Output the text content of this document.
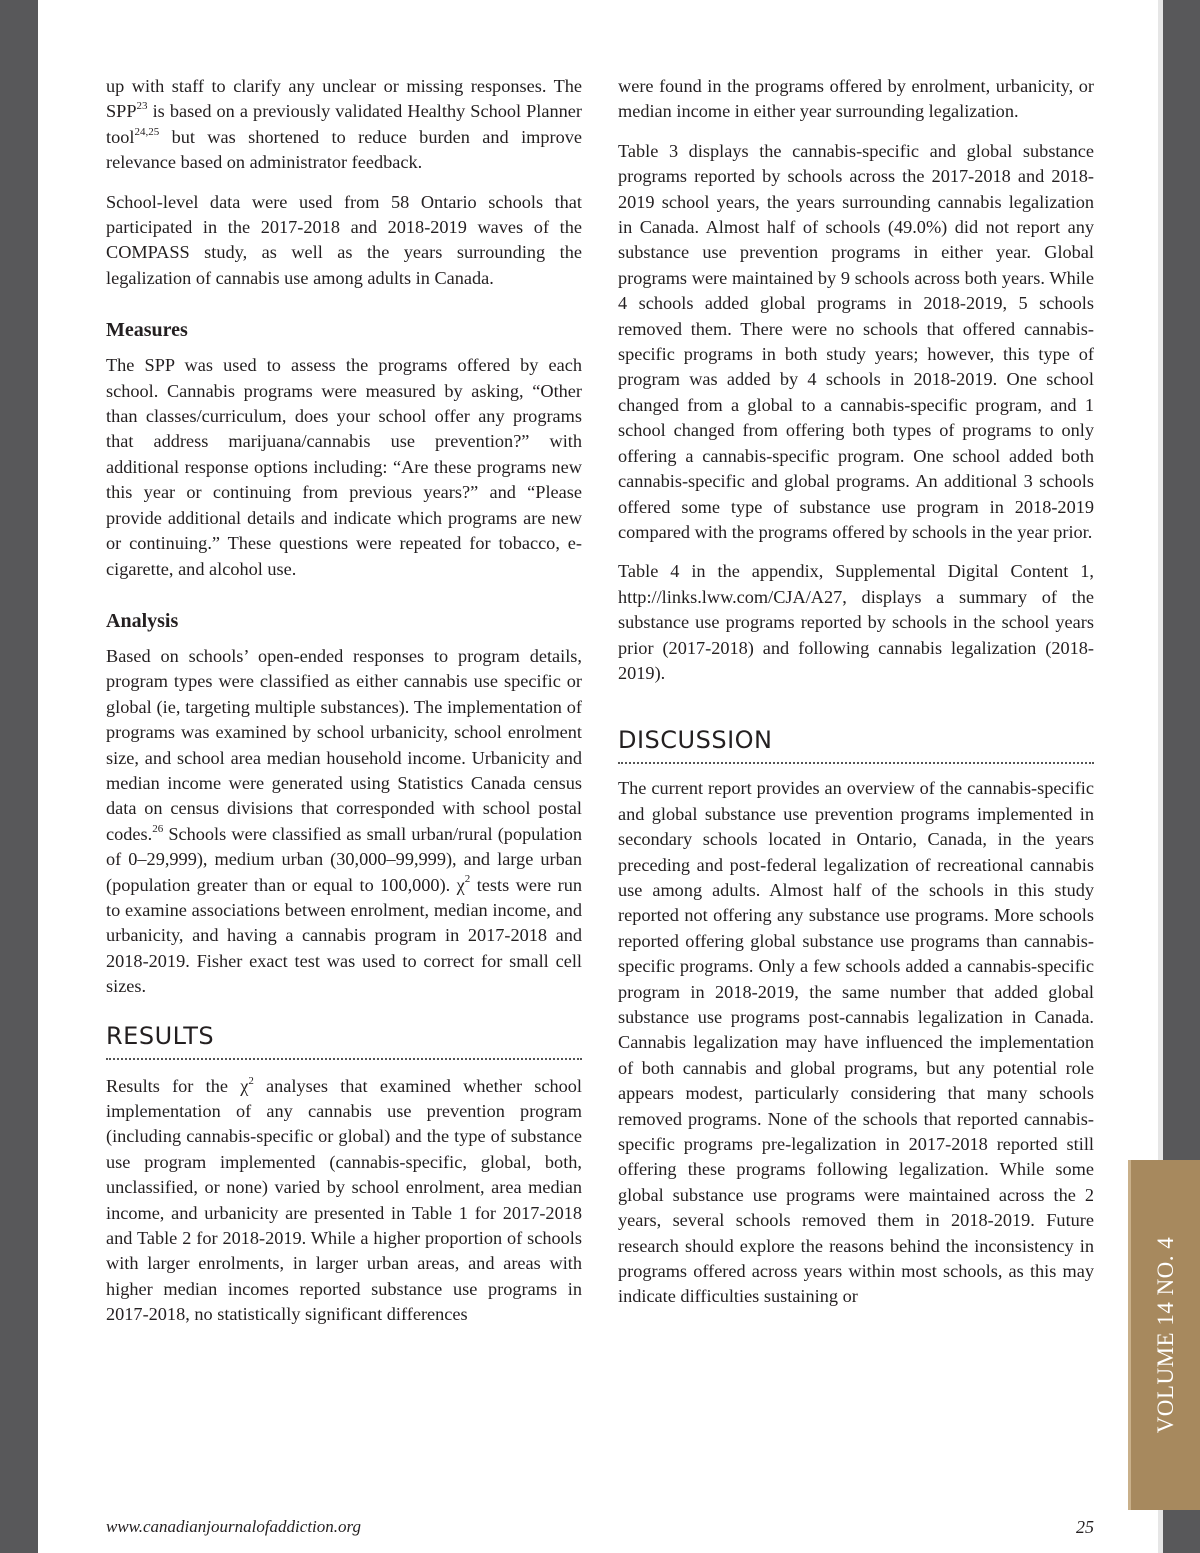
VOLUME 14 NO. 4

up with staff to clarify any unclear or missing responses. The SPP$^{23}$ is based on a previously validated Healthy School Planner tool$^{24,25}$ but was shortened to reduce burden and improve relevance based on administrator feedback.

School-level data were used from 58 Ontario schools that participated in the 2017-2018 and 2018-2019 waves of the COMPASS study, as well as the years surrounding the legalization of cannabis use among adults in Canada.

Measures

The SPP was used to assess the programs offered by each school. Cannabis programs were measured by asking, “Other than classes/curriculum, does your school offer any programs that address marijuana/cannabis use prevention?” with additional response options including: “Are these programs new this year or continuing from previous years?” and “Please provide additional details and indicate which programs are new or continuing.” These questions were repeated for tobacco, e-cigarette, and alcohol use.

Analysis

Based on schools’ open-ended responses to program details, program types were classified as either cannabis use specific or global (ie, targeting multiple substances). The implementation of programs was examined by school urbanicity, school enrolment size, and school area median household income. Urbanicity and median income were generated using Statistics Canada census data on census divisions that corresponded with school postal codes.$^{26}$ Schools were classified as small urban/rural (population of 0–29,999), medium urban (30,000–99,999), and large urban (population greater than or equal to 100,000). $\chi^2$ tests were run to examine associations between enrolment, median income, and urbanicity, and having a cannabis program in 2017-2018 and 2018-2019. Fisher exact test was used to correct for small cell sizes.

RESULTS

Results for the $\chi^2$ analyses that examined whether school implementation of any cannabis use prevention program (including cannabis-specific or global) and the type of substance use program implemented (cannabis-specific, global, both, unclassified, or none) varied by school enrolment, area median income, and urbanicity are presented in Table 1 for 2017-2018 and Table 2 for 2018-2019. While a higher proportion of schools with larger enrolments, in larger urban areas, and areas with higher median incomes reported substance use programs in 2017-2018, no statistically significant differences

were found in the programs offered by enrolment, urbanicity, or median income in either year surrounding legalization.

Table 3 displays the cannabis-specific and global substance programs reported by schools across the 2017-2018 and 2018-2019 school years, the years surrounding cannabis legalization in Canada. Almost half of schools (49.0%) did not report any substance use prevention programs in either year. Global programs were maintained by 9 schools across both years. While 4 schools added global programs in 2018-2019, 5 schools removed them. There were no schools that offered cannabis-specific programs in both study years; however, this type of program was added by 4 schools in 2018-2019. One school changed from a global to a cannabis-specific program, and 1 school changed from offering both types of programs to only offering a cannabis-specific program. One school added both cannabis-specific and global programs. An additional 3 schools offered some type of substance use program in 2018-2019 compared with the programs offered by schools in the year prior.

Table 4 in the appendix, Supplemental Digital Content 1, http://links.lww.com/CJA/A27, displays a summary of the substance use programs reported by schools in the school years prior (2017-2018) and following cannabis legalization (2018-2019).

DISCUSSION

The current report provides an overview of the cannabis-specific and global substance use prevention programs implemented in secondary schools located in Ontario, Canada, in the years preceding and post-federal legalization of recreational cannabis use among adults. Almost half of the schools in this study reported not offering any substance use programs. More schools reported offering global substance use programs than cannabis-specific programs. Only a few schools added a cannabis-specific program in 2018-2019, the same number that added global substance use programs post-cannabis legalization in Canada. Cannabis legalization may have influenced the implementation of both cannabis and global programs, but any potential role appears modest, particularly considering that many schools removed programs. None of the schools that reported cannabis-specific programs pre-legalization in 2017-2018 reported still offering these programs following legalization. While some global substance use programs were maintained across the 2 years, several schools removed them in 2018-2019. Future research should explore the reasons behind the inconsistency in programs offered across years within most schools, as this may indicate difficulties sustaining or

www.canadianjournalofaddiction.org	25
